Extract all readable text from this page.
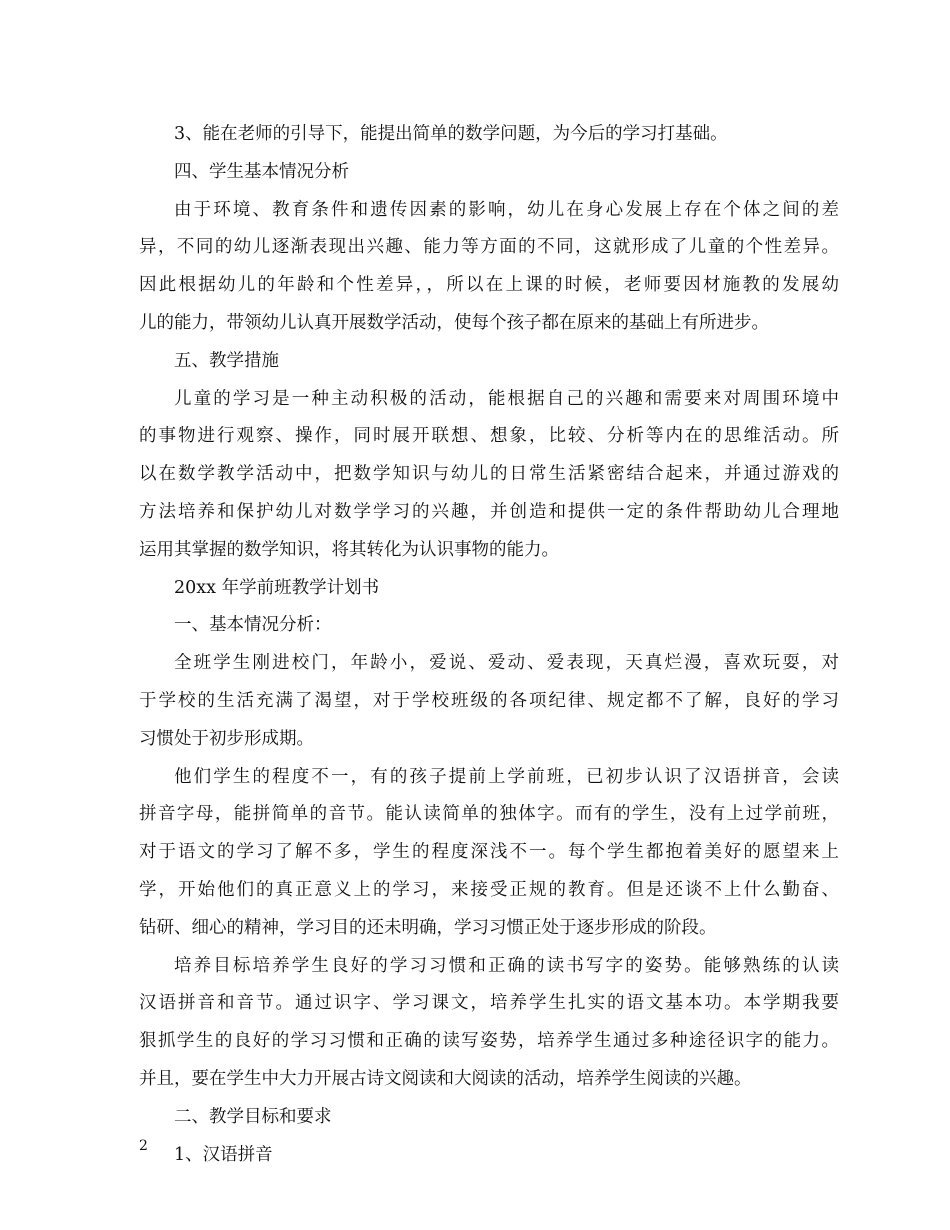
3、能在老师的引导下，能提出简单的数学问题，为今后的学习打基础。
四、学生基本情况分析
由于环境、教育条件和遗传因素的影响，幼儿在身心发展上存在个体之间的差
异，不同的幼儿逐渐表现出兴趣、能力等方面的不同，这就形成了儿童的个性差异。
因此根据幼儿的年龄和个性差异，，所以在上课的时候，老师要因材施教的发展幼
儿的能力，带领幼儿认真开展数学活动，使每个孩子都在原来的基础上有所进步。
五、教学措施
儿童的学习是一种主动积极的活动，能根据自己的兴趣和需要来对周围环境中
的事物进行观察、操作，同时展开联想、想象，比较、分析等内在的思维活动。所
以在数学教学活动中，把数学知识与幼儿的日常生活紧密结合起来，并通过游戏的
方法培养和保护幼儿对数学学习的兴趣，并创造和提供一定的条件帮助幼儿合理地
运用其掌握的数学知识，将其转化为认识事物的能力。
20xx 年学前班教学计划书
一、基本情况分析：
全班学生刚进校门，年龄小，爱说、爱动、爱表现，天真烂漫，喜欢玩耍，对
于学校的生活充满了渴望，对于学校班级的各项纪律、规定都不了解，良好的学习
习惯处于初步形成期。
他们学生的程度不一，有的孩子提前上学前班，已初步认识了汉语拼音，会读
拼音字母，能拼简单的音节。能认读简单的独体字。而有的学生，没有上过学前班，
对于语文的学习了解不多，学生的程度深浅不一。每个学生都抱着美好的愿望来上
学，开始他们的真正意义上的学习，来接受正规的教育。但是还谈不上什么勤奋、
钻研、细心的精神，学习目的还未明确，学习习惯正处于逐步形成的阶段。
培养目标培养学生良好的学习习惯和正确的读书写字的姿势。能够熟练的认读
汉语拼音和音节。通过识字、学习课文，培养学生扎实的语文基本功。本学期我要
狠抓学生的良好的学习习惯和正确的读写姿势，培养学生通过多种途径识字的能力。
并且，要在学生中大力开展古诗文阅读和大阅读的活动，培养学生阅读的兴趣。
二、教学目标和要求
1、汉语拼音
2
